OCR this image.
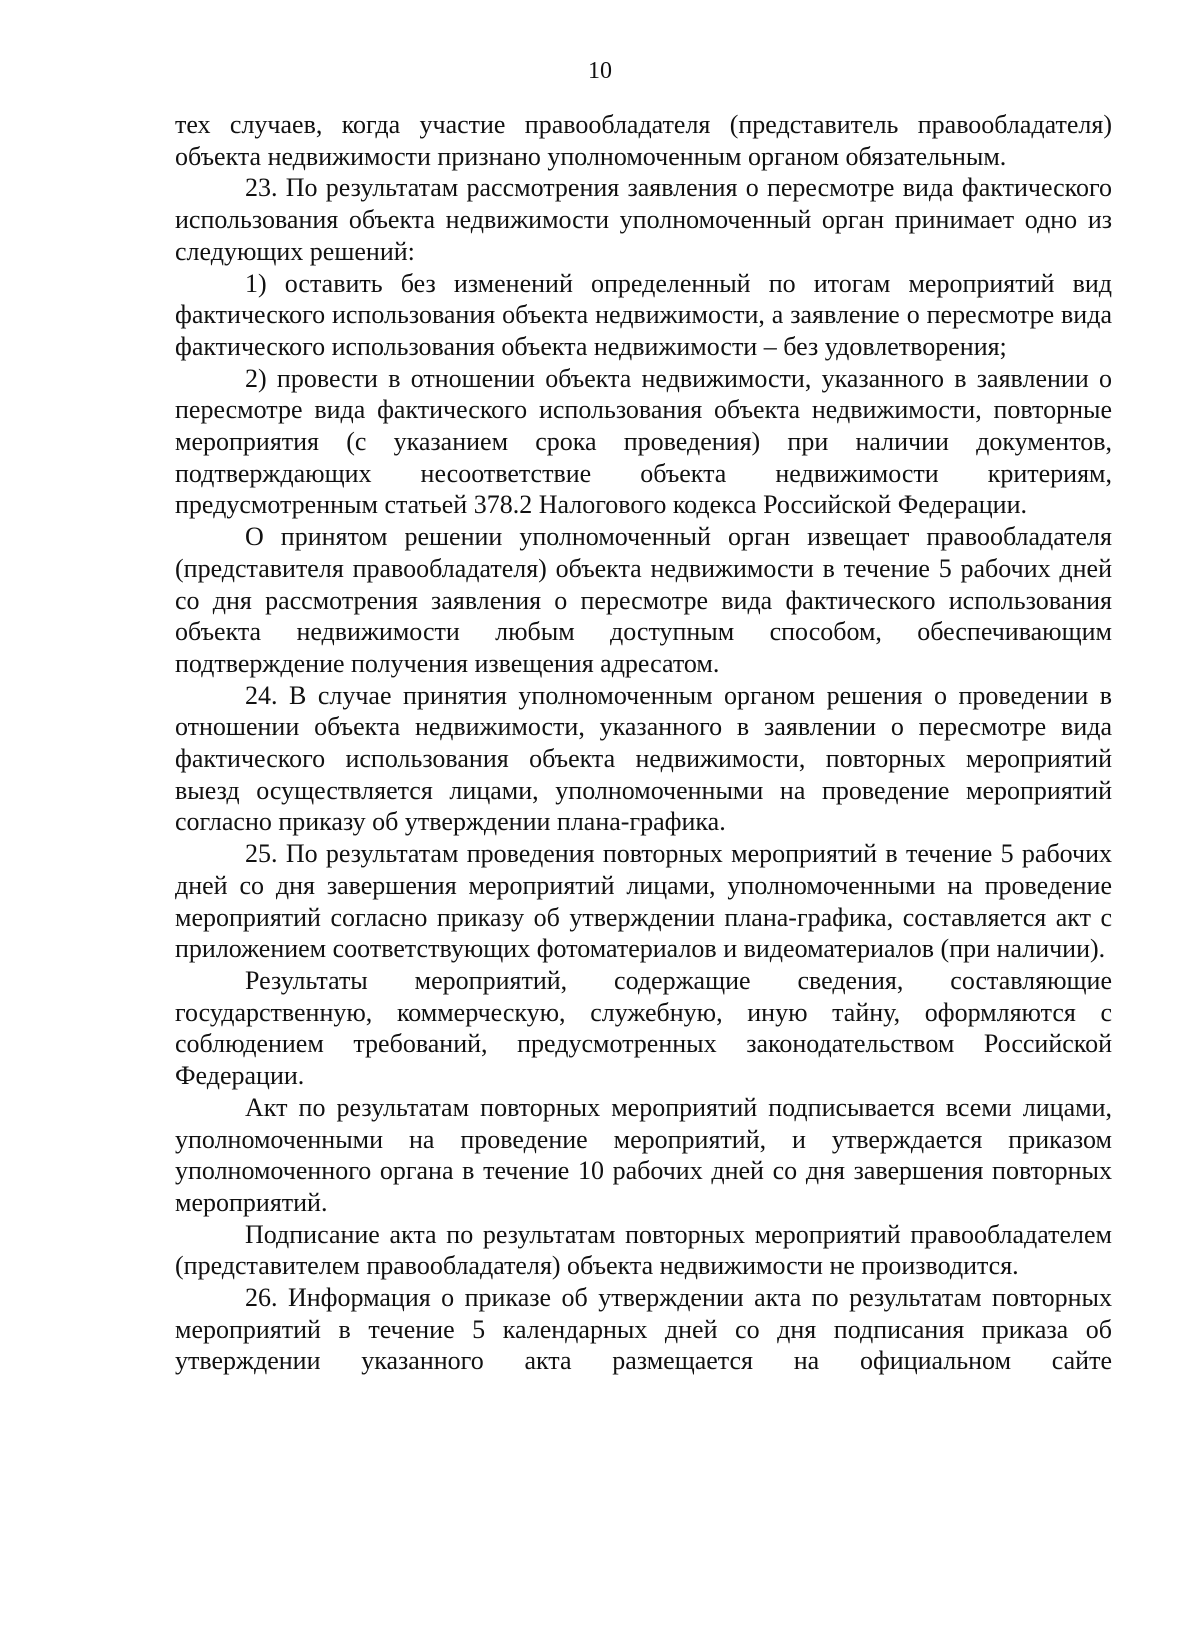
10

тех случаев, когда участие правообладателя (представитель правообладателя) объекта недвижимости признано уполномоченным органом обязательным.

23. По результатам рассмотрения заявления о пересмотре вида фактического использования объекта недвижимости уполномоченный орган принимает одно из следующих решений:

1) оставить без изменений определенный по итогам мероприятий вид фактического использования объекта недвижимости, а заявление о пересмотре вида фактического использования объекта недвижимости – без удовлетворения;

2) провести в отношении объекта недвижимости, указанного в заявлении о пересмотре вида фактического использования объекта недвижимости, повторные мероприятия (с указанием срока проведения) при наличии документов, подтверждающих несоответствие объекта недвижимости критериям, предусмотренным статьей 378.2 Налогового кодекса Российской Федерации.

О принятом решении уполномоченный орган извещает правообладателя (представителя правообладателя) объекта недвижимости в течение 5 рабочих дней со дня рассмотрения заявления о пересмотре вида фактического использования объекта недвижимости любым доступным способом, обеспечивающим подтверждение получения извещения адресатом.

24. В случае принятия уполномоченным органом решения о проведении в отношении объекта недвижимости, указанного в заявлении о пересмотре вида фактического использования объекта недвижимости, повторных мероприятий выезд осуществляется лицами, уполномоченными на проведение мероприятий согласно приказу об утверждении плана-графика.

25. По результатам проведения повторных мероприятий в течение 5 рабочих дней со дня завершения мероприятий лицами, уполномоченными на проведение мероприятий согласно приказу об утверждении плана-графика, составляется акт с приложением соответствующих фотоматериалов и видеоматериалов (при наличии).

Результаты мероприятий, содержащие сведения, составляющие государственную, коммерческую, служебную, иную тайну, оформляются с соблюдением требований, предусмотренных законодательством Российской Федерации.

Акт по результатам повторных мероприятий подписывается всеми лицами, уполномоченными на проведение мероприятий, и утверждается приказом уполномоченного органа в течение 10 рабочих дней со дня завершения повторных мероприятий.

Подписание акта по результатам повторных мероприятий правообладателем (представителем правообладателя) объекта недвижимости не производится.

26. Информация о приказе об утверждении акта по результатам повторных мероприятий в течение 5 календарных дней со дня подписания приказа об утверждении указанного акта размещается на официальном сайте
